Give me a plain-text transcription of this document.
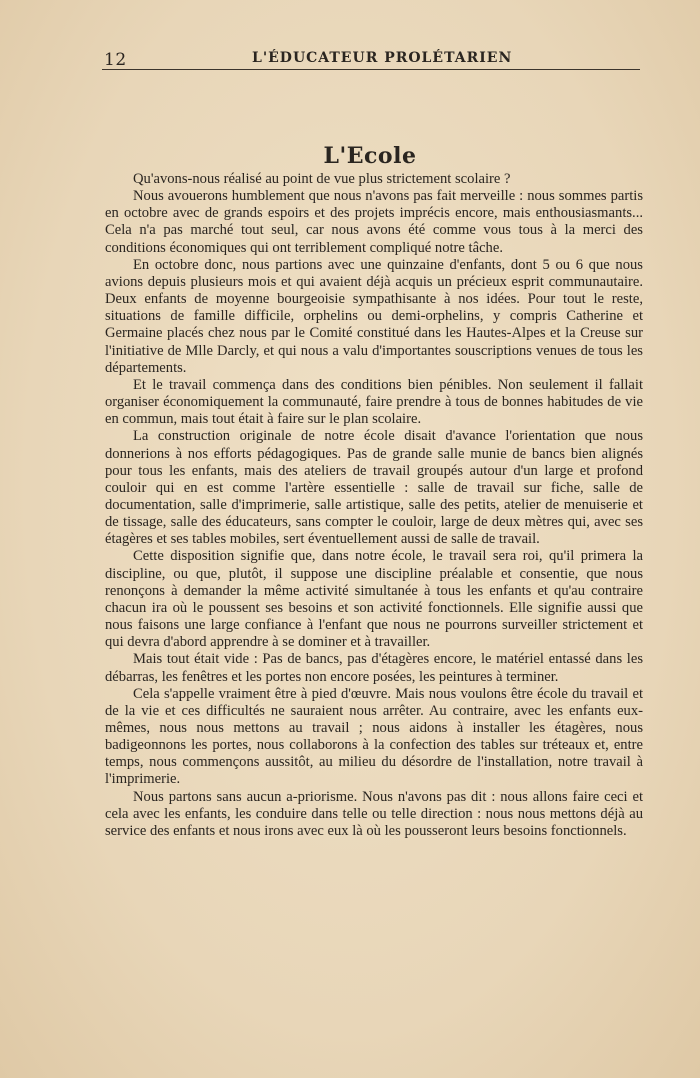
12	L'ÉDUCATEUR PROLÉTARIEN
L'Ecole

Qu'avons-nous réalisé au point de vue plus strictement scolaire ?

Nous avouerons humblement que nous n'avons pas fait merveille : nous sommes partis en octobre avec de grands espoirs et des projets imprécis encore, mais enthousiasmants... Cela n'a pas marché tout seul, car nous avons été comme vous tous à la merci des conditions économiques qui ont terriblement compliqué notre tâche.

En octobre donc, nous partions avec une quinzaine d'enfants, dont 5 ou 6 que nous avions depuis plusieurs mois et qui avaient déjà acquis un précieux esprit communautaire. Deux enfants de moyenne bourgeoisie sympathisante à nos idées. Pour tout le reste, situations de famille difficile, orphelins ou demi-orphelins, y compris Catherine et Germaine placés chez nous par le Comité constitué dans les Hautes-Alpes et la Creuse sur l'initiative de Mlle Darcly, et qui nous a valu d'importantes souscriptions venues de tous les départements.

Et le travail commença dans des conditions bien pénibles. Non seulement il fallait organiser économiquement la communauté, faire prendre à tous de bonnes habitudes de vie en commun, mais tout était à faire sur le plan scolaire.

La construction originale de notre école disait d'avance l'orientation que nous donnerions à nos efforts pédagogiques. Pas de grande salle munie de bancs bien alignés pour tous les enfants, mais des ateliers de travail groupés autour d'un large et profond couloir qui en est comme l'artère essentielle : salle de travail sur fiche, salle de documentation, salle d'imprimerie, salle artistique, salle des petits, atelier de menuiserie et de tissage, salle des éducateurs, sans compter le couloir, large de deux mètres qui, avec ses étagères et ses tables mobiles, sert éventuellement aussi de salle de travail.

Cette disposition signifie que, dans notre école, le travail sera roi, qu'il primera la discipline, ou que, plutôt, il suppose une discipline préalable et consentie, que nous renonçons à demander la même activité simultanée à tous les enfants et qu'au contraire chacun ira où le poussent ses besoins et son activité fonctionnels. Elle signifie aussi que nous faisons une large confiance à l'enfant que nous ne pourrons surveiller strictement et qui devra d'abord apprendre à se dominer et à travailler.

Mais tout était vide : Pas de bancs, pas d'étagères encore, le matériel entassé dans les débarras, les fenêtres et les portes non encore posées, les peintures à terminer.

Cela s'appelle vraiment être à pied d'œuvre. Mais nous voulons être école du travail et de la vie et ces difficultés ne sauraient nous arrêter. Au contraire, avec les enfants eux-mêmes, nous nous mettons au travail ; nous aidons à installer les étagères, nous badigeonnons les portes, nous collaborons à la confection des tables sur tréteaux et, entre temps, nous commençons aussitôt, au milieu du désordre de l'installation, notre travail à l'imprimerie.

Nous partons sans aucun a-priorisme. Nous n'avons pas dit : nous allons faire ceci et cela avec les enfants, les conduire dans telle ou telle direction : nous nous mettons déjà au service des enfants et nous irons avec eux là où les pousseront leurs besoins fonctionnels.
